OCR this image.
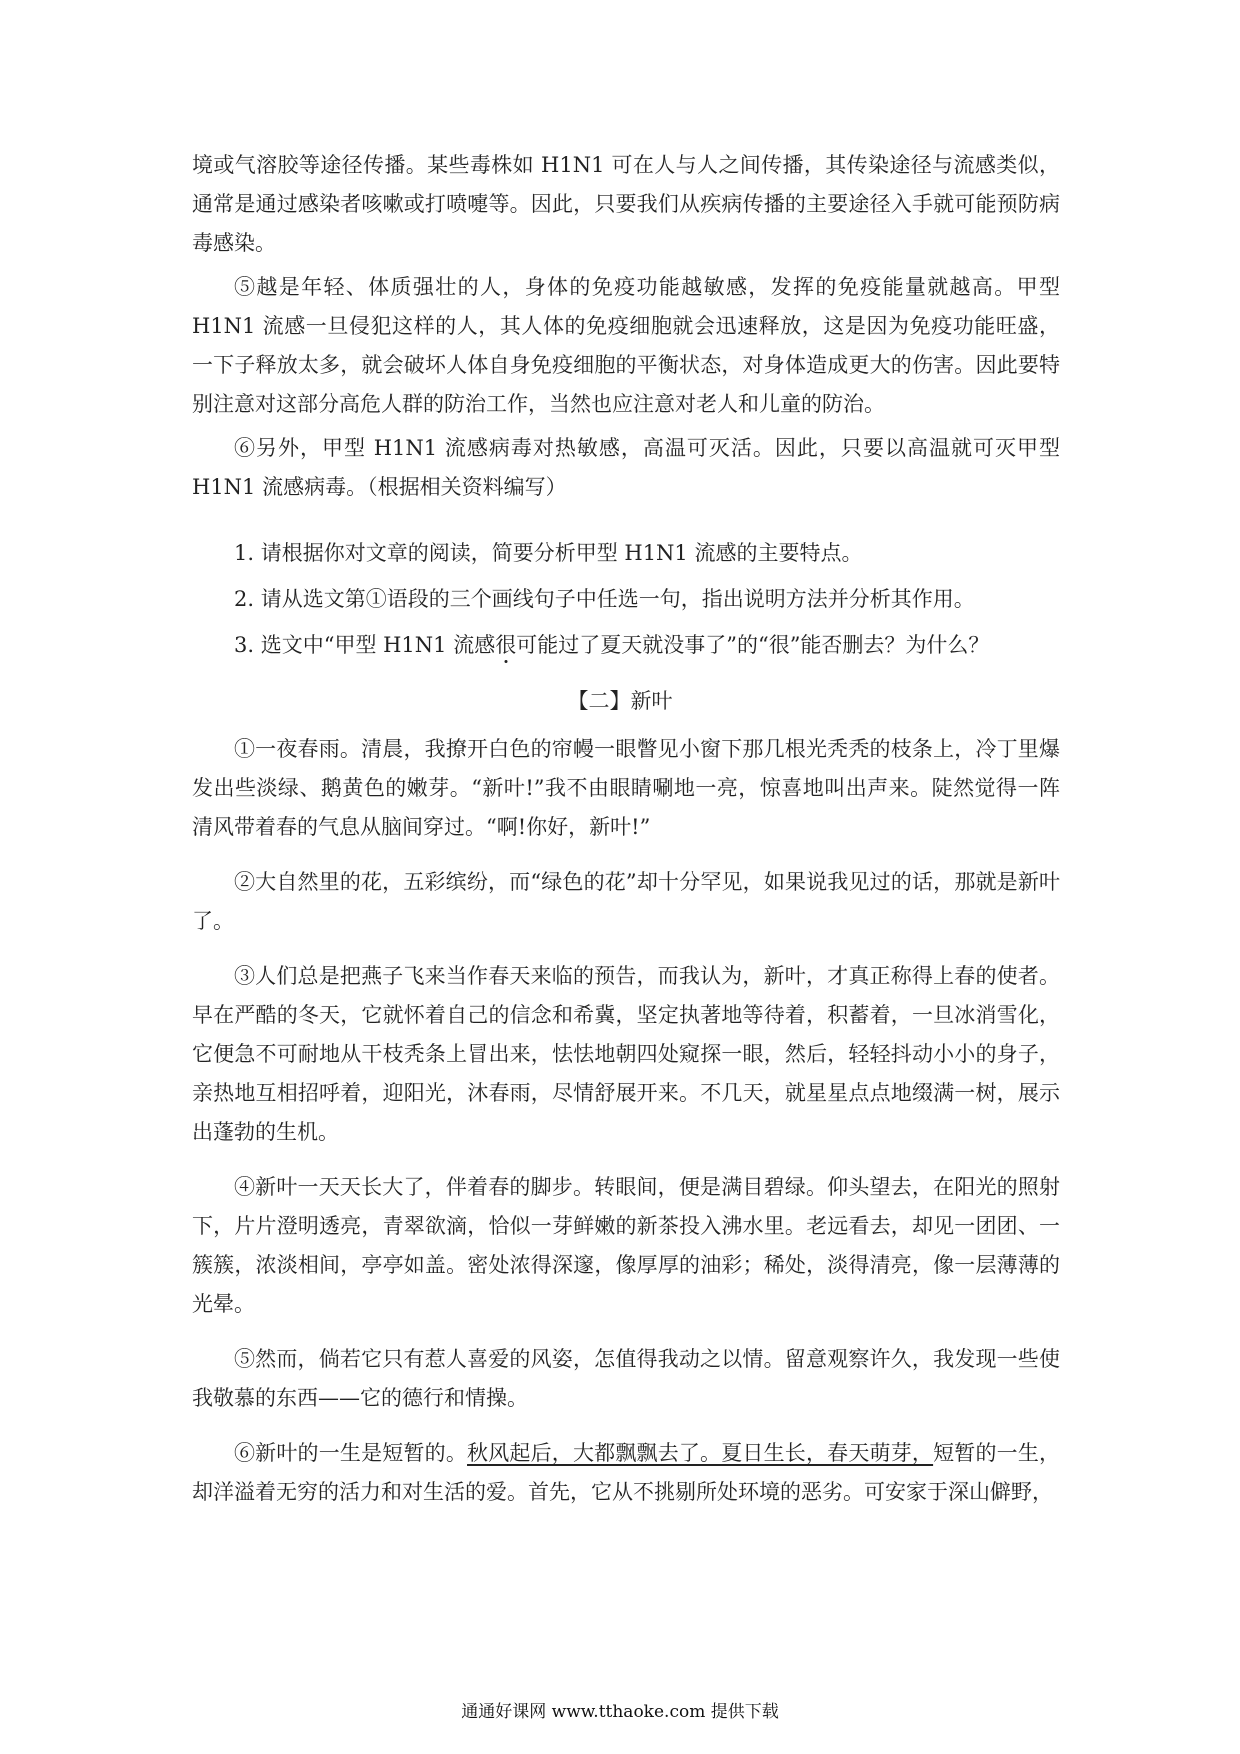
境或气溶胶等途径传播。某些毒株如 H1N1 可在人与人之间传播，其传染途径与流感类似，通常是通过感染者咳嗽或打喷嚏等。因此，只要我们从疾病传播的主要途径入手就可能预防病毒感染。

⑤越是年轻、体质强壮的人，身体的免疫功能越敏感，发挥的免疫能量就越高。甲型 H1N1 流感一旦侵犯这样的人，其人体的免疫细胞就会迅速释放，这是因为免疫功能旺盛，一下子释放太多，就会破坏人体自身免疫细胞的平衡状态，对身体造成更大的伤害。因此要特别注意对这部分高危人群的防治工作，当然也应注意对老人和儿童的防治。

⑥另外，甲型 H1N1 流感病毒对热敏感，高温可灭活。因此，只要以高温就可灭甲型 H1N1 流感病毒。（根据相关资料编写）

1. 请根据你对文章的阅读，简要分析甲型 H1N1 流感的主要特点。
2. 请从选文第①语段的三个画线句子中任选一句，指出说明方法并分析其作用。
3. 选文中“甲型 H1N1 流感很可能过了夏天就没事了”的“很”能否删去？为什么？
【二】新叶

①一夜春雨。清晨，我撩开白色的帘幔一眼瞥见小窗下那几根光秃秃的枝条上，冷丁里爆发出些淡绿、鹅黄色的嫩芽。“新叶!”我不由眼睛唰地一亮，惊喜地叫出声来。陡然觉得一阵清风带着春的气息从脑间穿过。“啊!你好，新叶!”

②大自然里的花，五彩缤纷，而“绿色的花”却十分罕见，如果说我见过的话，那就是新叶了。

③人们总是把燕子飞来当作春天来临的预告，而我认为，新叶，才真正称得上春的使者。早在严酷的冬天，它就怀着自己的信念和希冀，坚定执著地等待着，积蓄着，一旦冰消雪化，它便急不可耐地从干枝秃条上冒出来，怯怯地朝四处窥探一眼，然后，轻轻抖动小小的身子，亲热地互相招呼着，迎阳光，沐春雨，尽情舒展开来。不几天，就星星点点地缀满一树，展示出蓬勃的生机。

④新叶一天天长大了，伴着春的脚步。转眼间，便是满目碧绿。仰头望去，在阳光的照射下，片片澄明透亮，青翠欲滴，恰似一芽鲜嫩的新茶投入沸水里。老远看去，却见一团团、一簇簇，浓淡相间，亭亭如盖。密处浓得深邃，像厚厚的油彩；稀处，淡得清亮，像一层薄薄的光晕。

⑤然而，倘若它只有惹人喜爱的风姿，怎值得我动之以情。留意观察许久，我发现一些使我敬慕的东西——它的德行和情操。

⑥新叶的一生是短暂的。秋风起后，大都飘飘去了。夏日生长，春天萌芽，短暂的一生，却洋溢着无穷的活力和对生活的爱。首先，它从不挑剔所处环境的恶劣。可安家于深山僻野，

通通好课网 www.tthaoke.com 提供下载
